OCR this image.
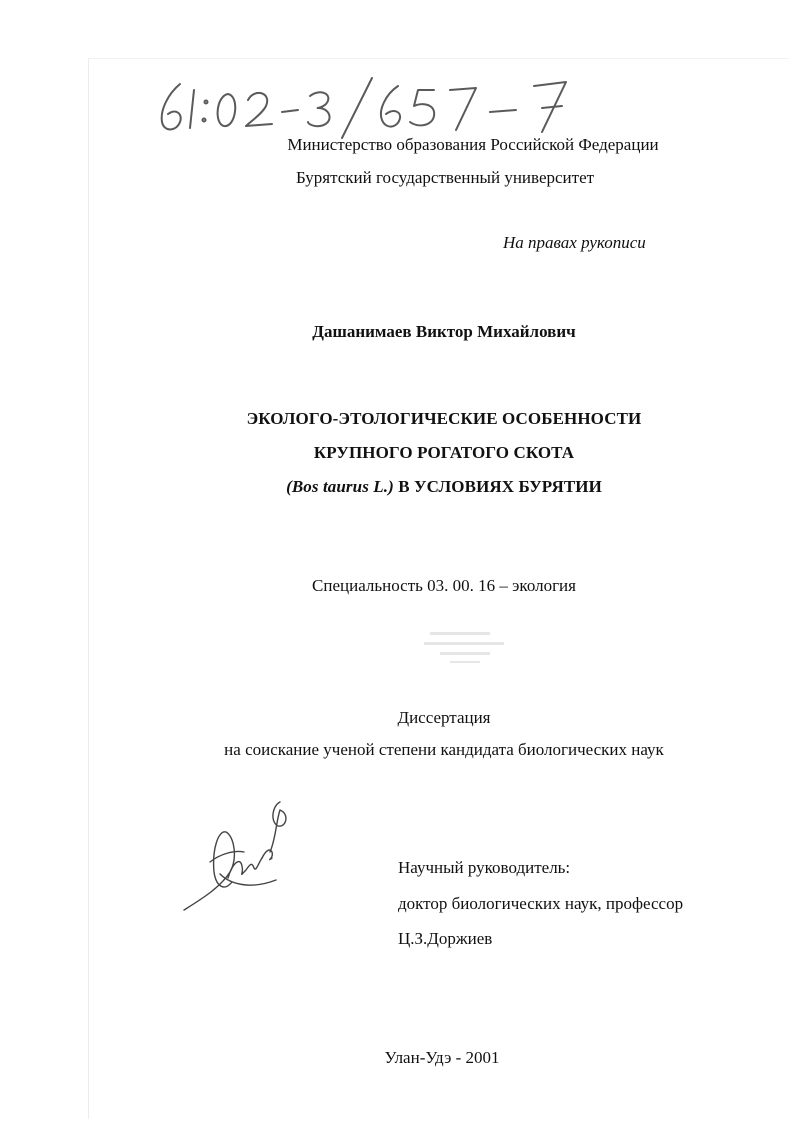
Министерство образования Российской Федерации
Бурятский государственный университет
На правах рукописи
Дашанимаев Виктор Михайлович
ЭКОЛОГО-ЭТОЛОГИЧЕСКИЕ ОСОБЕННОСТИ
КРУПНОГО РОГАТОГО СКОТА
(Bos taurus L.) В УСЛОВИЯХ БУРЯТИИ
Специальность 03. 00. 16 – экология
Диссертация
на соискание ученой степени кандидата биологических наук
Научный руководитель:
доктор биологических наук, профессор
Ц.З.Доржиев
Улан-Удэ - 2001
